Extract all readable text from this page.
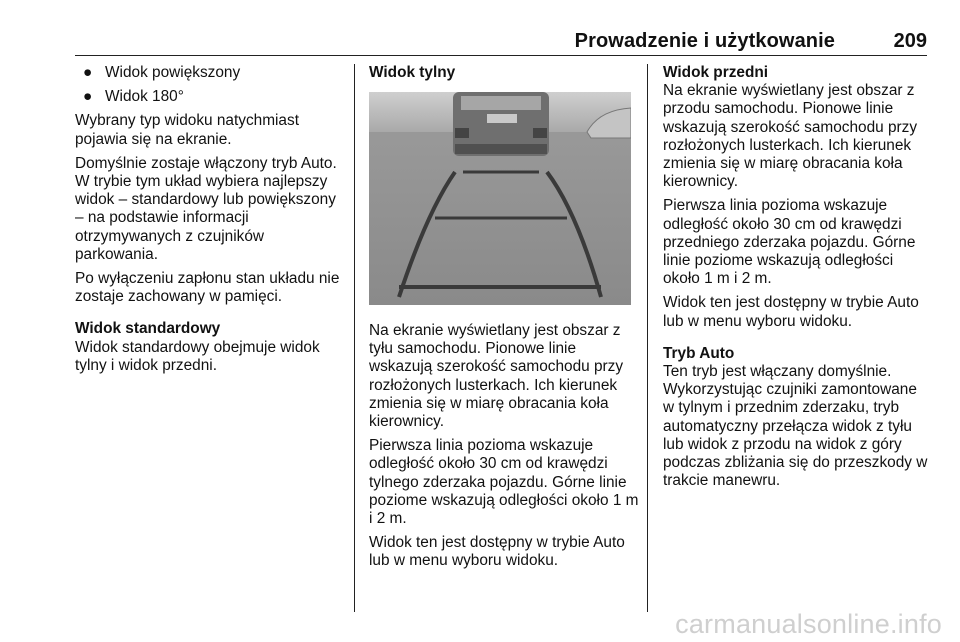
Prowadzenie i użytkowanie	209
● Widok powiększony
● Widok 180°

Wybrany typ widoku natychmiast pojawia się na ekranie.

Domyślnie zostaje włączony tryb Auto. W trybie tym układ wybiera najlepszy widok – standardowy lub powiększony – na podstawie informacji otrzymywanych z czujników parkowania.

Po wyłączeniu zapłonu stan układu nie zostaje zachowany w pamięci.

Widok standardowy

Widok standardowy obejmuje widok tylny i widok przedni.

Widok tylny

Na ekranie wyświetlany jest obszar z tyłu samochodu. Pionowe linie wskazują szerokość samochodu przy rozłożonych lusterkach. Ich kierunek zmienia się w miarę obracania koła kierownicy.

Pierwsza linia pozioma wskazuje odległość około 30 cm od krawędzi tylnego zderzaka pojazdu. Górne linie poziome wskazują odległości około 1 m i 2 m.

Widok ten jest dostępny w trybie Auto lub w menu wyboru widoku.

Widok przedni

Na ekranie wyświetlany jest obszar z przodu samochodu. Pionowe linie wskazują szerokość samochodu przy rozłożonych lusterkach. Ich kierunek zmienia się w miarę obracania koła kierownicy.

Pierwsza linia pozioma wskazuje odległość około 30 cm od krawędzi przedniego zderzaka pojazdu. Górne linie poziome wskazują odległości około 1 m i 2 m.

Widok ten jest dostępny w trybie Auto lub w menu wyboru widoku.

Tryb Auto

Ten tryb jest włączany domyślnie. Wykorzystując czujniki zamontowane w tylnym i przednim zderzaku, tryb automatyczny przełącza widok z tyłu lub widok z przodu na widok z góry podczas zbliżania się do przeszkody w trakcie manewru.

carmanualsonline.info
